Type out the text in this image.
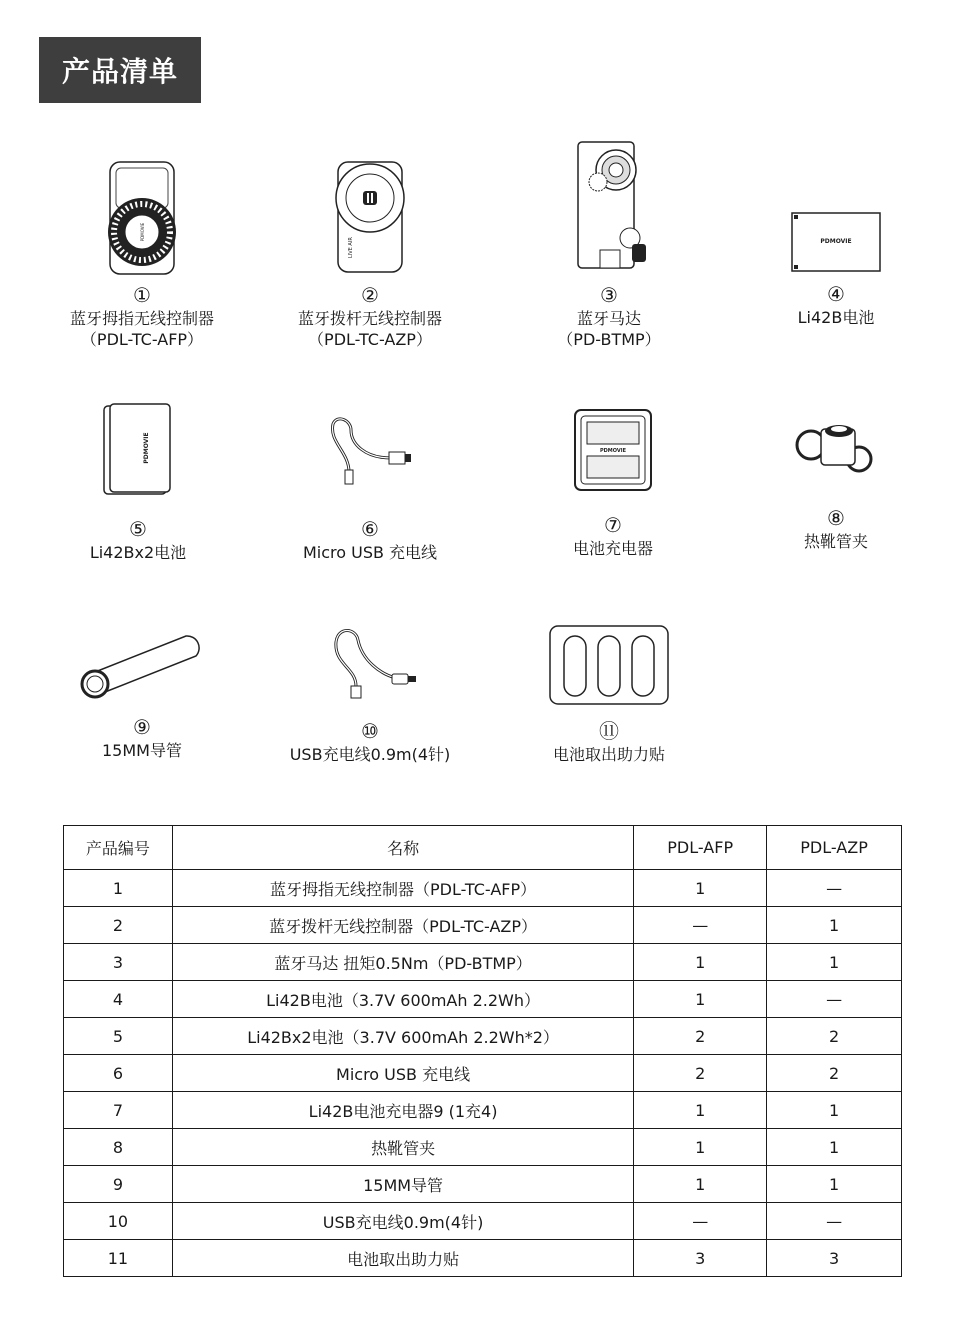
产品清单
PDMOVIE
①
蓝牙拇指无线控制器
（PDL-TC-AFP）
LIVE AIR
②
蓝牙拨杆无线控制器
（PDL-TC-AZP）
③
蓝牙马达
（PD-BTMP）
PDMOVIE
④
Li42B电池
PDMOVIE
⑤
Li42Bx2电池
⑥
Micro USB 充电线
PDMOVIE
⑦
电池充电器
⑧
热靴管夹
⑨
15MM导管
⑩
USB充电线0.9m(4针)
⑪
电池取出助力贴
产品编号	名称	PDL-AFP	PDL-AZP
1	蓝牙拇指无线控制器（PDL-TC-AFP）	1	—
2	蓝牙拨杆无线控制器（PDL-TC-AZP）	—	1
3	蓝牙马达 扭矩0.5Nm（PD-BTMP）	1	1
4	Li42B电池（3.7V 600mAh 2.2Wh）	1	—
5	Li42Bx2电池（3.7V 600mAh 2.2Wh*2）	2	2
6	Micro USB 充电线	2	2
7	Li42B电池充电器9 (1充4)	1	1
8	热靴管夹	1	1
9	15MM导管	1	1
10	USB充电线0.9m(4针)	—	—
11	电池取出助力贴	3	3
